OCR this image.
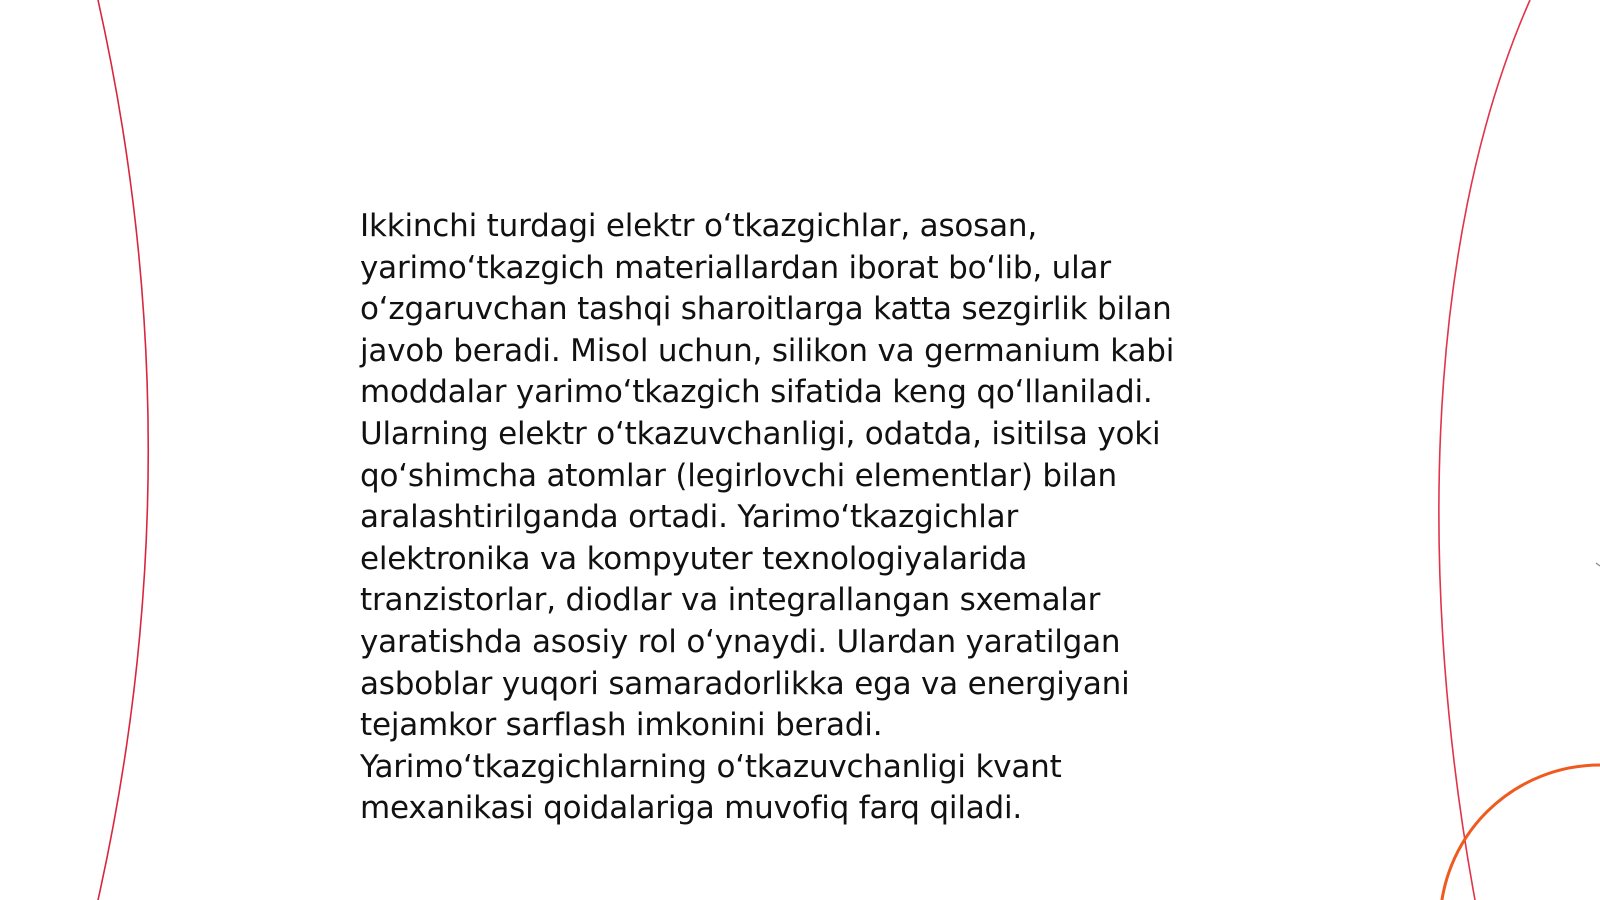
Ikkinchi turdagi elektr o‘tkazgichlar, asosan,
yarimo‘tkazgich materiallardan iborat bo‘lib, ular
o‘zgaruvchan tashqi sharoitlarga katta sezgirlik bilan
javob beradi. Misol uchun, silikon va germanium kabi
moddalar yarimo‘tkazgich sifatida keng qo‘llaniladi.
Ularning elektr o‘tkazuvchanligi, odatda, isitilsa yoki
qo‘shimcha atomlar (legirlovchi elementlar) bilan
aralashtirilganda ortadi. Yarimo‘tkazgichlar
elektronika va kompyuter texnologiyalarida
tranzistorlar, diodlar va integrallangan sxemalar
yaratishda asosiy rol o‘ynaydi. Ulardan yaratilgan
asboblar yuqori samaradorlikka ega va energiyani
tejamkor sarflash imkonini beradi.
Yarimo‘tkazgichlarning o‘tkazuvchanligi kvant
mexanikasi qoidalariga muvofiq farq qiladi.
